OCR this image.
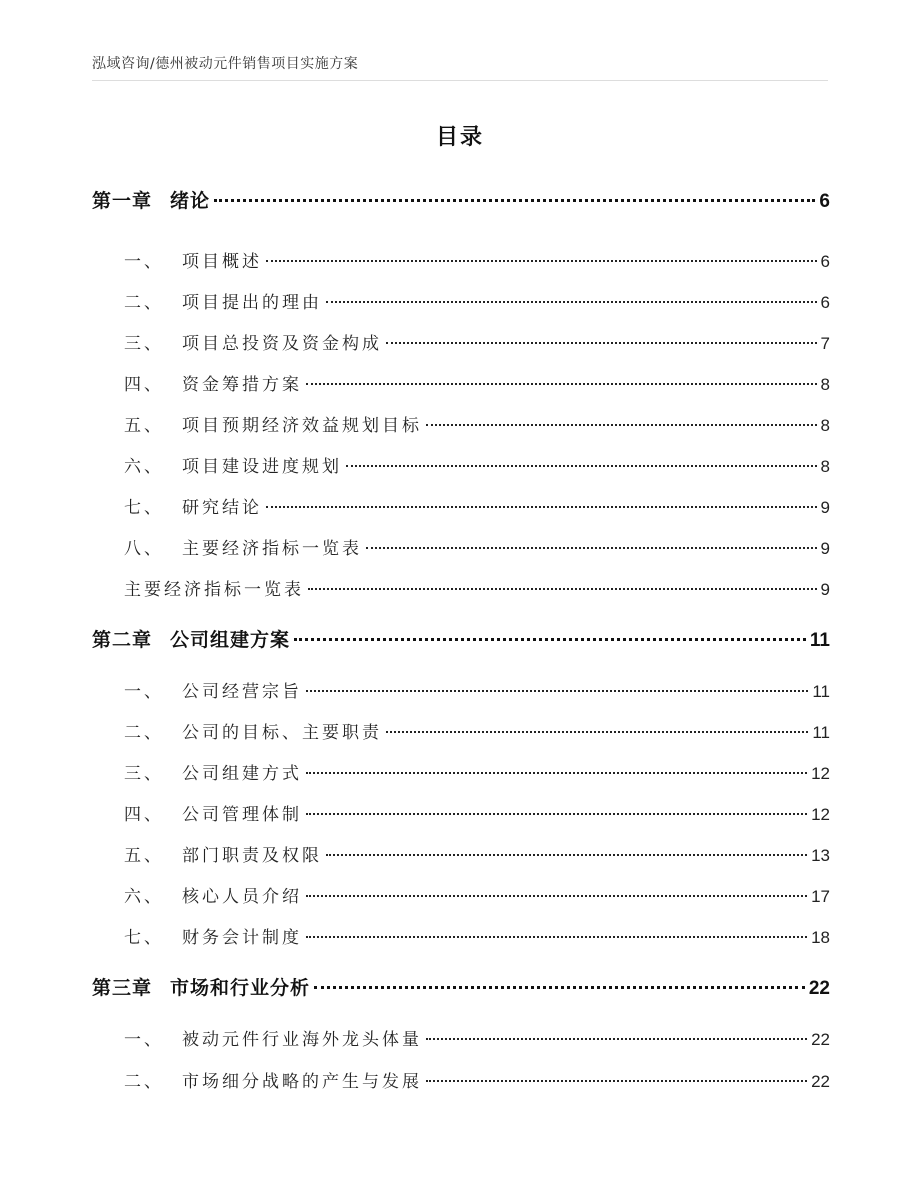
泓域咨询/德州被动元件销售项目实施方案
目录
第一章 绪论	6
一、 项目概述	6
二、 项目提出的理由	6
三、 项目总投资及资金构成	7
四、 资金筹措方案	8
五、 项目预期经济效益规划目标	8
六、 项目建设进度规划	8
七、 研究结论	9
八、 主要经济指标一览表	9
主要经济指标一览表	9
第二章 公司组建方案	11
一、 公司经营宗旨	11
二、 公司的目标、主要职责	11
三、 公司组建方式	12
四、 公司管理体制	12
五、 部门职责及权限	13
六、 核心人员介绍	17
七、 财务会计制度	18
第三章 市场和行业分析	22
一、 被动元件行业海外龙头体量	22
二、 市场细分战略的产生与发展	22
